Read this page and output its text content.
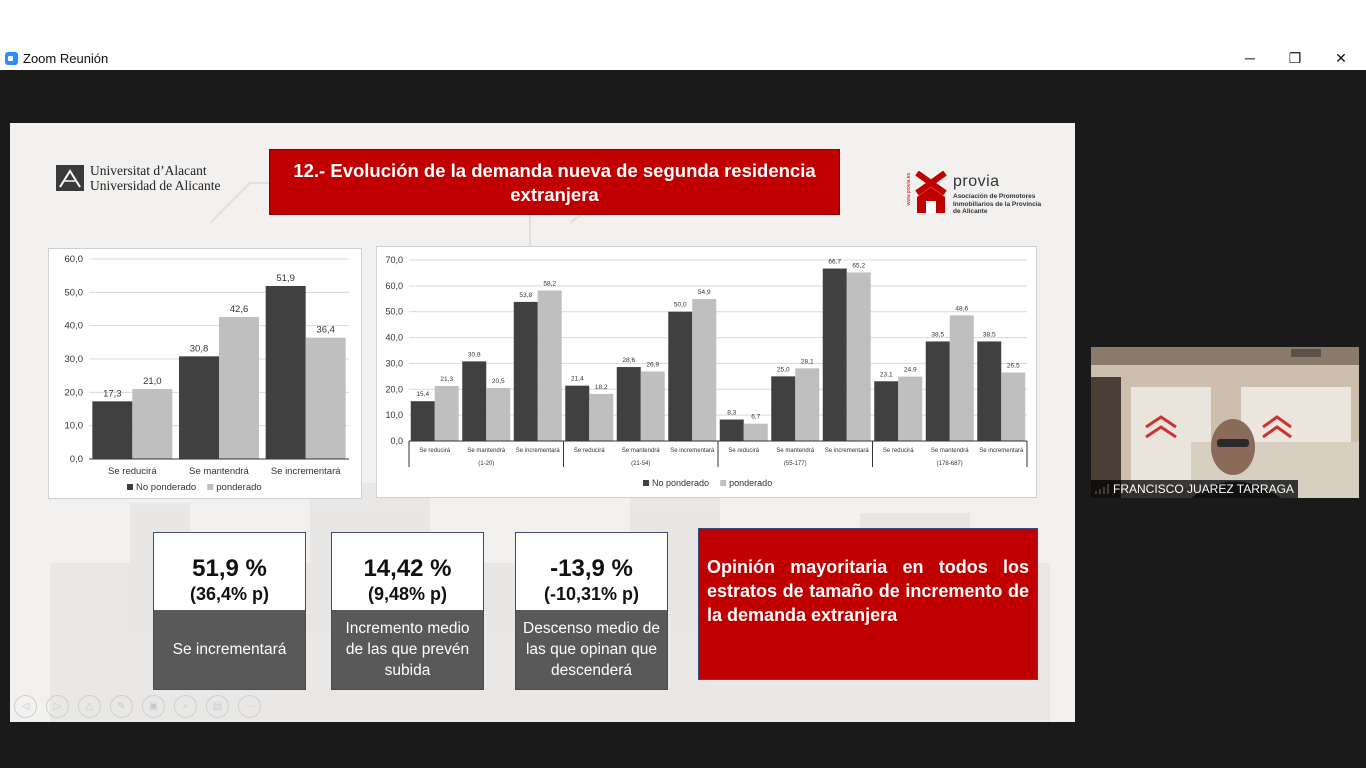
Zoom Reunión	─	❐	✕
Universitat d’Alacant
Universidad de Alicante
12.- Evolución de la demanda nueva de segunda residencia extranjera	www.provia.es	provia
Asociación de Promotores Inmobiliarios de la Provincia de Alicante
0,0
10,0
20,0
30,0
40,0
50,0
60,0
17,3
21,0
Se reducirá
30,8
42,6
Se mantendrá
51,9
36,4
Se incrementará
No ponderado ponderado
0,0
10,0
20,0
30,0
40,0
50,0
60,0
70,0
15,4
21,3
Se reducirá
30,8
20,5
Se mantendrá
53,8
58,2
Se incrementará
21,4
18,2
Se reducirá
28,6
26,9
Se mantendrá
50,0
54,9
Se incrementará
8,3
6,7
Se reducirá
25,0
28,1
Se mantendrá
66,7
65,2
Se incrementará
23,1
24,9
Se reducirá
38,5
48,6
Se mantendrá
38,5
26,5
Se incrementará
(1-20)	(21-54)	(55-177)	(178-687)
No ponderado ponderado
51,9 %
(36,4% p)
Se incrementará
14,42 %
(9,48% p)
Incremento medio de las que prevén subida
-13,9 %
(-10,31% p)
Descenso medio de las que opinan que descenderá
Opinión mayoritaria en todos los estratos de tamaño de incremento de la demanda extranjera
◁	▷	△	✎	▣	⌕	▤	⋯
FRANCISCO JUAREZ TARRAGA
